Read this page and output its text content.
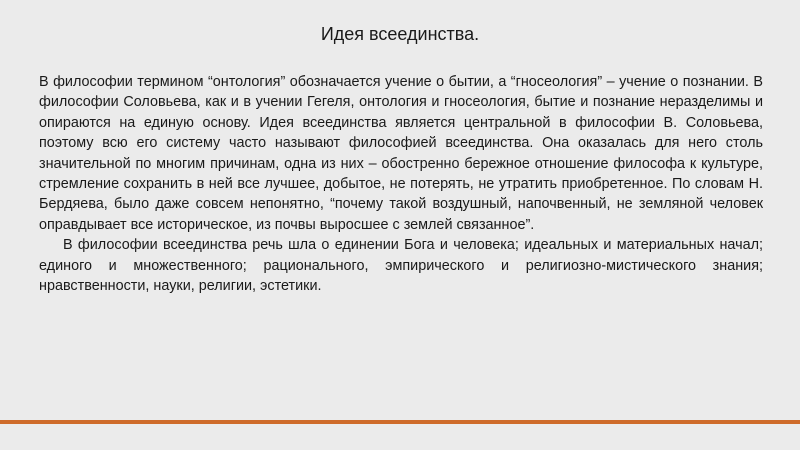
Идея всеединства.

В философии термином “онтология” обозначается учение о бытии, а “гносеология” – учение о познании. В философии Соловьева, как и в учении Гегеля, онтология и гносеология, бытие и познание неразделимы и опираются на единую основу. Идея всеединства является центральной в философии В. Соловьева, поэтому всю его систему часто называют философией всеединства. Она оказалась для него столь значительной по многим причинам, одна из них – обостренно бережное отношение философа к культуре, стремление сохранить в ней все лучшее, добытое, не потерять, не утратить приобретенное. По словам Н. Бердяева, было даже совсем непонятно, “почему такой воздушный, напочвенный, не земляной человек оправдывает все историческое, из почвы выросшее с землей связанное”.

В философии всеединства речь шла о единении Бога и человека; идеальных и материальных начал; единого и множественного; рационального, эмпирического и религиозно-мистического знания; нравственности, науки, религии, эстетики.
